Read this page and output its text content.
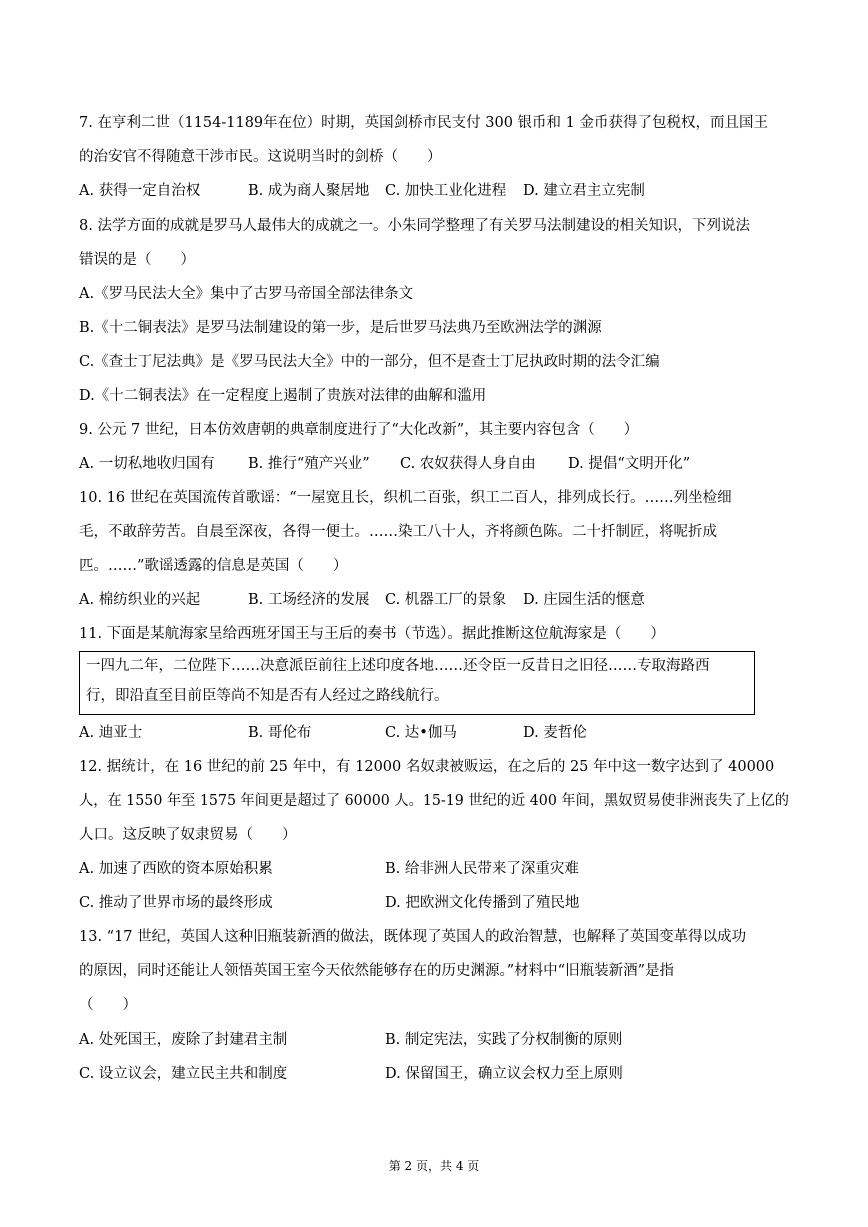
7. 在亨利二世（1154-1189年在位）时期，英国剑桥市民支付 300 银币和 1 金币获得了包税权，而且国王
的治安官不得随意干涉市民。这说明当时的剑桥（　　）
A. 获得一定自治权	B. 成为商人聚居地 C. 加快工业化进程 D. 建立君主立宪制
8. 法学方面的成就是罗马人最伟大的成就之一。小朱同学整理了有关罗马法制建设的相关知识，下列说法
错误的是（　　）
A.《罗马民法大全》集中了古罗马帝国全部法律条文
B.《十二铜表法》是罗马法制建设的第一步，是后世罗马法典乃至欧洲法学的渊源
C.《查士丁尼法典》是《罗马民法大全》中的一部分，但不是查士丁尼执政时期的法令汇编
D.《十二铜表法》在一定程度上遏制了贵族对法律的曲解和滥用
9. 公元 7 世纪，日本仿效唐朝的典章制度进行了“大化改新”，其主要内容包含（　　）
A. 一切私地收归国有 B. 推行“殖产兴业” C. 农奴获得人身自由 D. 提倡“文明开化”
10. 16 世纪在英国流传首歌谣：“一屋宽且长，织机二百张，织工二百人，排列成长行。……列坐检细
毛，不敢辞劳苦。自晨至深夜，各得一便士。……染工八十人，齐将颜色陈。二十扦制匠，将呢折成
匹。……”歌谣透露的信息是英国（　　）
A. 棉纺织业的兴起	B. 工场经济的发展 C. 机器工厂的景象 D. 庄园生活的惬意
11. 下面是某航海家呈给西班牙国王与王后的奏书（节选）。据此推断这位航海家是（　　）
一四九二年，二位陛下……决意派臣前往上述印度各地……还令臣一反昔日之旧径……专取海路西
行，即沿直至目前臣等尚不知是否有人经过之路线航行。
A. 迪亚士	B. 哥伦布	C. 达•伽马	D. 麦哲伦
12. 据统计，在 16 世纪的前 25 年中，有 12000 名奴隶被贩运，在之后的 25 年中这一数字达到了 40000
人，在 1550 年至 1575 年间更是超过了 60000 人。15-19 世纪的近 400 年间，黑奴贸易使非洲丧失了上亿的
人口。这反映了奴隶贸易（　　）
A. 加速了西欧的资本原始积累	B. 给非洲人民带来了深重灾难
C. 推动了世界市场的最终形成	D. 把欧洲文化传播到了殖民地
13. “17 世纪，英国人这种旧瓶装新酒的做法，既体现了英国人的政治智慧，也解释了英国变革得以成功
的原因，同时还能让人领悟英国王室今天依然能够存在的历史渊源。”材料中“旧瓶装新酒”是指
（　　）
A. 处死国王，废除了封建君主制	B. 制定宪法，实践了分权制衡的原则
C. 设立议会，建立民主共和制度	D. 保留国王，确立议会权力至上原则
第 2 页，共 4 页
